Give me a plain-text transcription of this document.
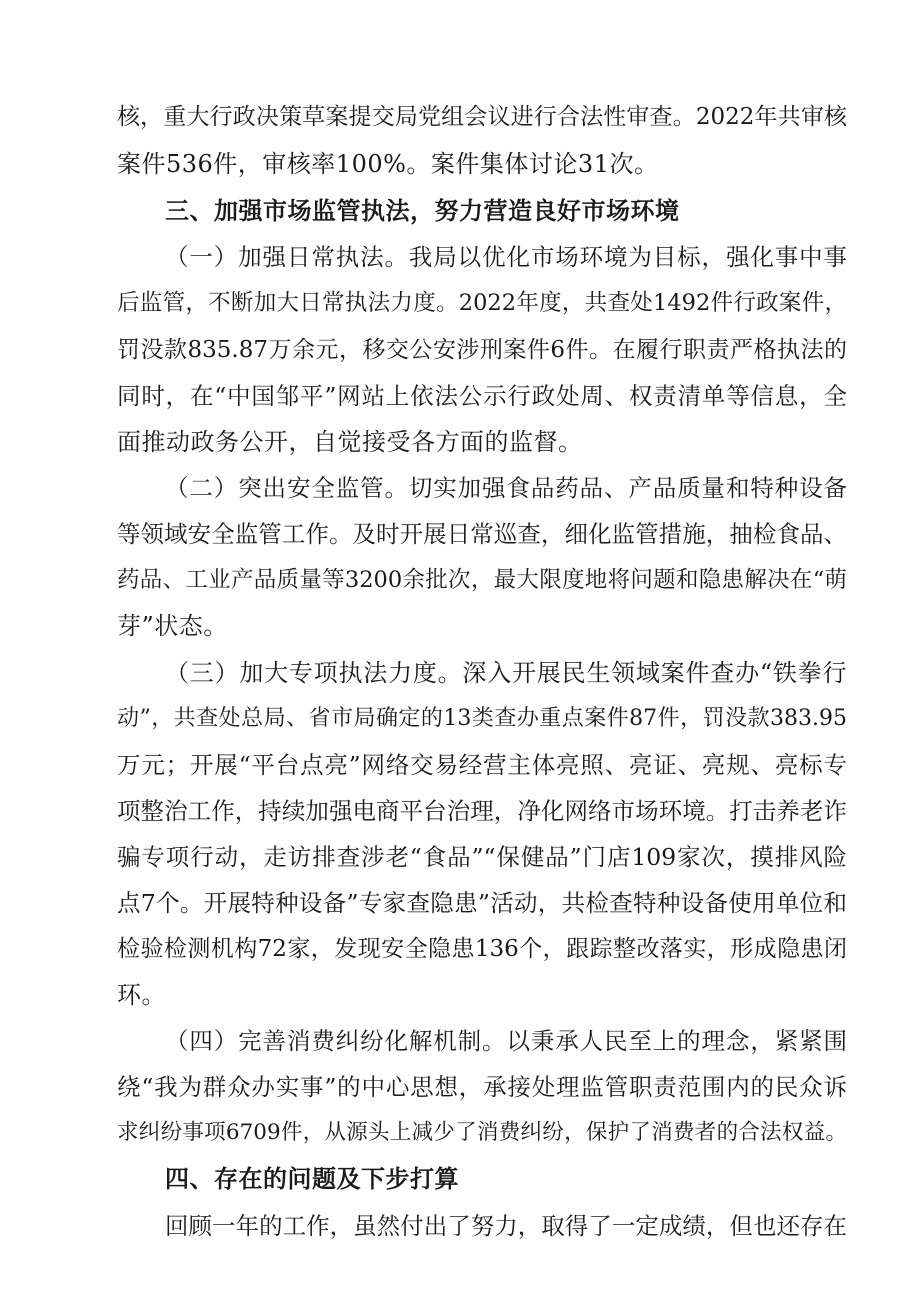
核，重大行政决策草案提交局党组会议进行合法性审查。2022年共审核
案件536件，审核率100%。案件集体讨论31次。
三、加强市场监管执法，努力营造良好市场环境
（一）加强日常执法。我局以优化市场环境为目标，强化事中事
后监管，不断加大日常执法力度。2022年度，共查处1492件行政案件，
罚没款835.87万余元，移交公安涉刑案件6件。在履行职责严格执法的
同时，在“中国邹平”网站上依法公示行政处周、权责清单等信息，全
面推动政务公开，自觉接受各方面的监督。
（二）突出安全监管。切实加强食品药品、产品质量和特种设备
等领域安全监管工作。及时开展日常巡查，细化监管措施，抽检食品、
药品、工业产品质量等3200余批次，最大限度地将问题和隐患解决在“萌
芽”状态。
（三）加大专项执法力度。深入开展民生领域案件查办“铁拳行
动”，共查处总局、省市局确定的13类查办重点案件87件，罚没款383.95
万元；开展“平台点亮”网络交易经营主体亮照、亮证、亮规、亮标专
项整治工作，持续加强电商平台治理，净化网络市场环境。打击养老诈
骗专项行动，走访排查涉老“食品”“保健品”门店109家次，摸排风险
点7个。开展特种设备”专家查隐患”活动，共检查特种设备使用单位和
检验检测机构72家，发现安全隐患136个，跟踪整改落实，形成隐患闭
环。
（四）完善消费纠纷化解机制。以秉承人民至上的理念，紧紧围
绕“我为群众办实事”的中心思想，承接处理监管职责范围内的民众诉
求纠纷事项6709件，从源头上减少了消费纠纷，保护了消费者的合法权益。
四、存在的问题及下步打算
回顾一年的工作，虽然付出了努力，取得了一定成绩，但也还存在
